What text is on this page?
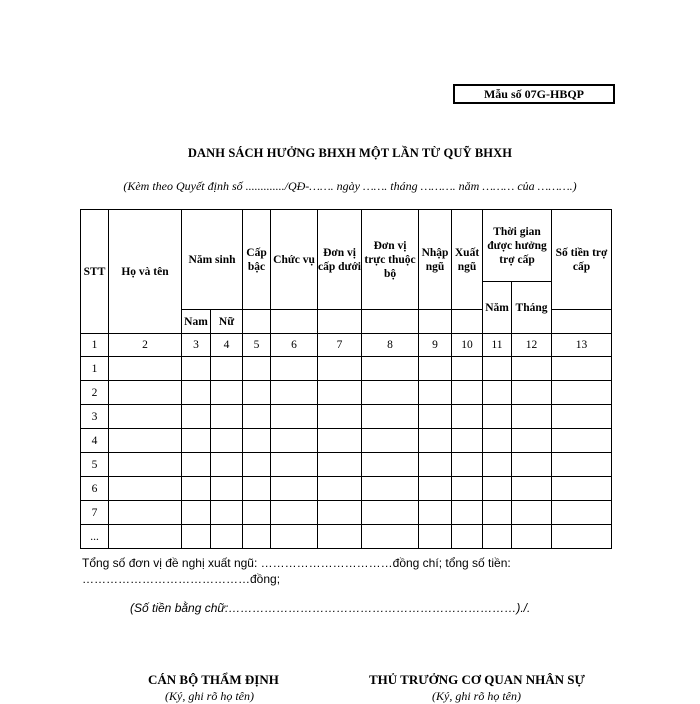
Mẫu số 07G-HBQP
DANH SÁCH HƯỞNG BHXH MỘT LẦN TỪ QUỸ BHXH
(Kèm theo Quyết định số ............./QĐ-……. ngày ……. tháng ………. năm ……… của ……….)
STT	Họ và tên	Năm sinh		Cấp bậc	Chức vụ	Đơn vị cấp dưới	Đơn vị trực thuộc bộ	Nhập ngũ	Xuất ngũ	Thời gian được hưởng trợ cấp		Số tiền trợ cấp
										Năm	Tháng	
		Nam	Nữ									
1	2	3	4	5	6	7	8	9	10	11	12	13
1												
2												
3												
4												
5												
6												
7												
...												
Tổng số đơn vị đề nghị xuất ngũ: ……………………………đồng chí; tổng số tiền: ……………………………………đồng;
(Số tiền bằng chữ:………………………………………………………………)./.
CÁN BỘ THẨM ĐỊNH
(Ký, ghi rõ họ tên)
THỦ TRƯỞNG CƠ QUAN NHÂN SỰ
(Ký, ghi rõ họ tên)
